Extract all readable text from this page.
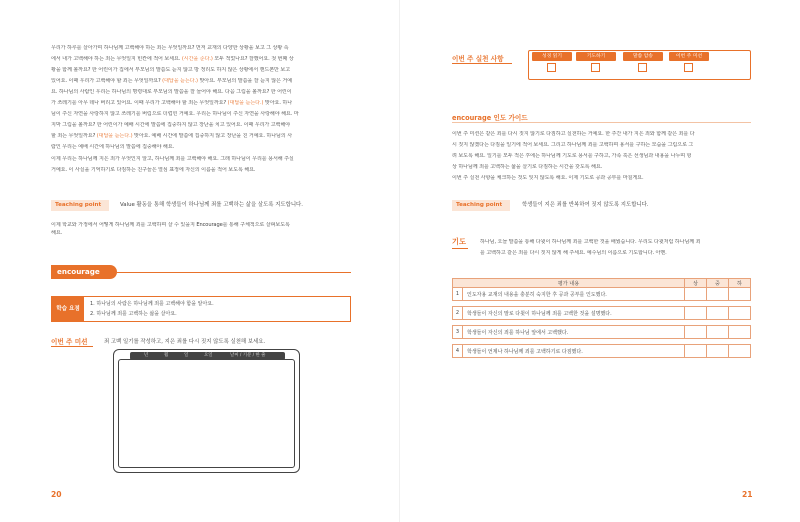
우리가 하루를 살아가며 하나님께 고백해야 하는 죄는 무엇일까요? 먼저 교재의 다양한 상황을 보고 그 상황 속
에서 내가 고백해야 하는 죄는 무엇일지 빈칸에 적어 보세요. (시간을 준다.) 모두 적었나요? 잘했어요. 첫 번째 상
황을 함께 볼까요? 한 어린이가 집에서 부모님의 말씀도 듣지 않고 방 정리도 하지 않은 상황에서 핸드폰만 보고
있어요. 이때 우리가 고백해야 할 죄는 무엇일까요? (대답을 듣는다.) 맞아요. 부모님의 말씀을 잘 듣지 않은 거예
요. 하나님의 사람인 우리는 하나님의 명령대로 부모님의 말씀을 잘 들어야 해요. 다음 그림을 볼까요? 한 어린이
가 쓰레기를 아무 데나 버리고 있어요. 이때 우리가 고백해야 할 죄는 무엇일까요? (대답을 듣는다.) 맞아요. 하나
님이 주신 자연을 사랑하지 않고 쓰레기를 버림으로 더럽힌 거예요. 우리는 하나님이 주신 자연을 사랑해야 해요. 마
지막 그림을 볼까요? 한 어린이가 예배 시간에 말씀에 집중하지 않고 장난을 치고 있어요. 이때 우리가 고백해야
할 죄는 무엇일까요? (대답을 듣는다.) 맞아요. 예배 시간에 말씀에 집중하지 않고 장난을 친 거예요. 하나님의 사
람인 우리는 예배 시간에 하나님의 말씀에 집중해야 해요.
이제 우리는 하나님께 지은 죄가 무엇인지 알고, 하나님께 죄를 고백해야 해요. 그래 하나님이 우리를 용서해 주실
거예요. 이 사실을 기억하기로 다짐하는 친구들은 열심 표정에 자신의 이름을 적어 보도록 해요.
Teaching point	Value 활동을 통해 학생들이 하나님께 죄를 고백하는 삶을 살도록 지도합니다.
이제 학교와 가정에서 어떻게 하나님께 죄를 고백하며 살 수 있을지 Encourage를 통해 구체적으로 살펴보도록
해요.
encourage
학습 요점
1. 하나님의 사람은 하나님께 죄를 고백해야 함을 알아요.
2. 하나님께 죄를 고백하는 삶을 살아요.
이번 주 미션	죄 고백 일기를 작성하고, 지은 죄를 다시 짓지 않도록 실천해 보세요.
년	월	일	요일	날씨 / 기분 / 한 줄
20	21
이번 주 실천 사항	성경 읽기	기도하기	말씀 암송	이번 주 미션
encourage 인도 가이드
이번 주 미션은 같은 죄를 다시 짓지 않기로 다짐하고 실천하는 거예요. 한 주간 내가 지은 죄와 함께 같은 죄를 다
시 짓지 않겠다는 다짐을 일기에 적어 보세요. 그리고 하나님께 죄를 고백하며 용서를 구하는 모습을 그림으로 그
려 보도록 해요. 일기를 모두 적은 후에는 하나님께 기도로 용서를 구하고, 가족 혹은 선생님과 내용을 나누며 항
상 하나님께 죄를 고백하는 삶을 살기로 다짐하는 시간을 갖도록 해요.
이번 주 실천 사항을 체크하는 것도 잊지 않도록 해요. 이제 기도로 공과 공부를 마칠게요.
Teaching point	학생들이 지은 죄를 반복하여 짓지 않도록 지도합니다.
기도	하나님, 오늘 말씀을 통해 다윗이 하나님께 죄를 고백한 것을 배웠습니다. 우리도 다윗처럼 하나님께 죄
를 고백하고 같은 죄를 다시 짓지 않게 해 주세요. 예수님의 이름으로 기도합니다. 아멘.
평가 내용		상	중	하
1	인도자용 교재의 내용을 충분히 숙지한 후 공과 공부를 인도했다.			

2	학생들이 자신의 말로 다윗이 하나님께 죄를 고백한 것을 설명했다.			

3	학생들이 자신의 죄를 하나님 앞에서 고백했다.			

4	학생들이 언제나 하나님께 죄를 고백하기로 다짐했다.			
